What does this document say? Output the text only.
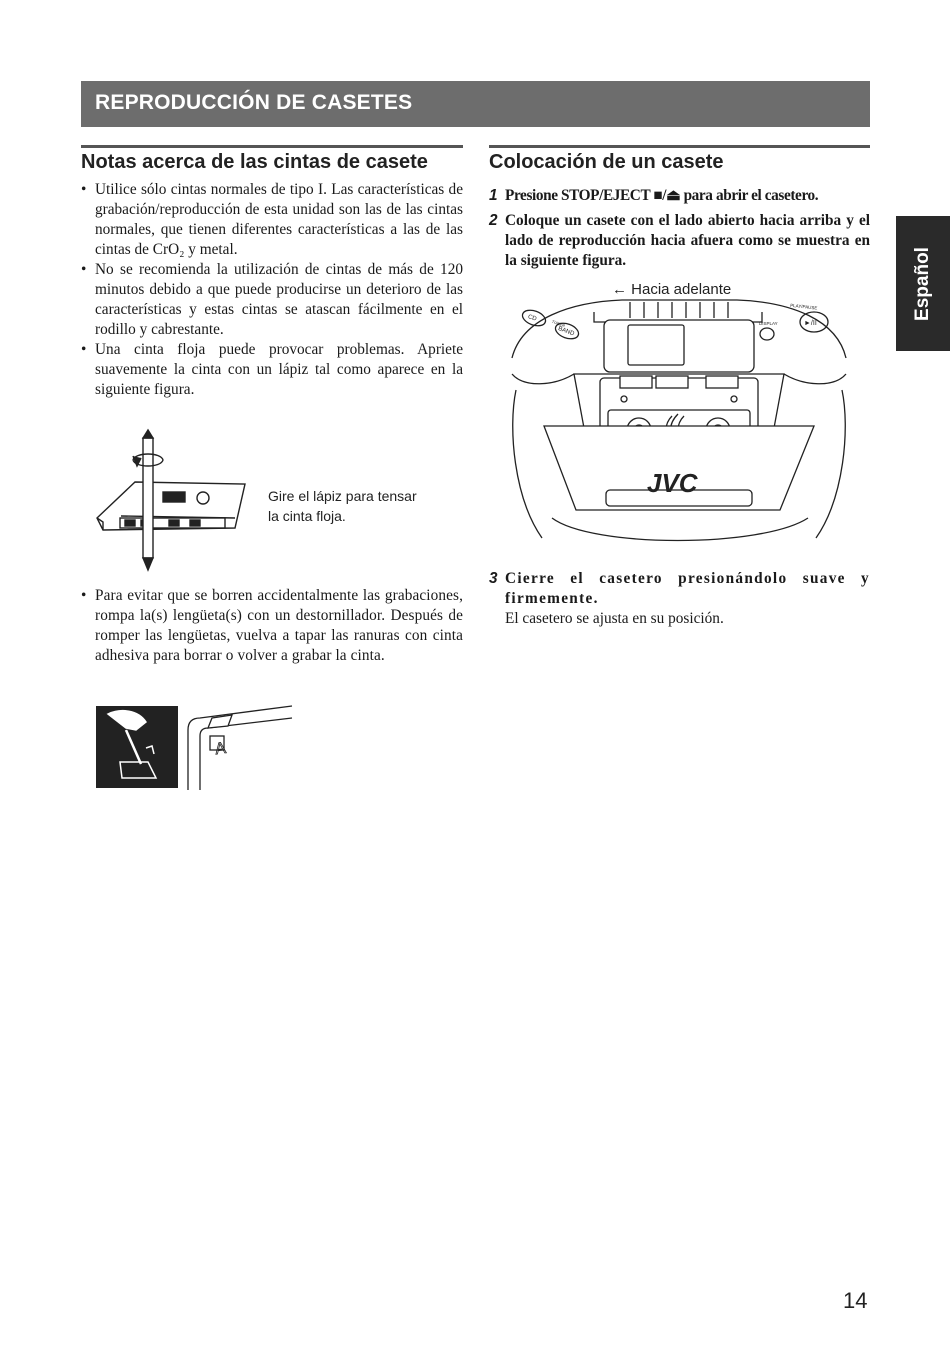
REPRODUCCIÓN DE CASETES
Español
Notas acerca de las cintas de casete
• Utilice sólo cintas normales de tipo I. Las características de grabación/reproducción de esta unidad son las de las cintas normales, que tienen diferentes características a las de las cintas de CrO₂ y metal.
• No se recomienda la utilización de cintas de más de 120 minutos debido a que puede producirse un deterioro de las características y estas cintas se atascan fácilmente en el rodillo y cabrestante.
• Una cinta floja puede provocar problemas. Apriete suavemente la cinta con un lápiz tal como aparece en la siguiente figura.
Gire el lápiz para tensar
la cinta floja.
• Para evitar que se borren accidentalmente las grabaciones, rompa la(s) lengüeta(s) con un destornillador. Después de romper las lengüetas, vuelva a tapar las ranuras con cinta adhesiva para borrar o volver a grabar la cinta.
A
Colocación de un casete
1 Presione STOP/EJECT ■/⏏ para abrir el casetero.
2 Coloque un casete con el lado abierto hacia arriba y el lado de reproducción hacia afuera como se muestra en la siguiente figura.
← Hacia adelante
CD
TUNER
BAND
DISPLAY
PLAY/PAUSE
►/II
JVC
3 Cierre el casetero presionándolo suave y firmemente.
El casetero se ajusta en su posición.
14
